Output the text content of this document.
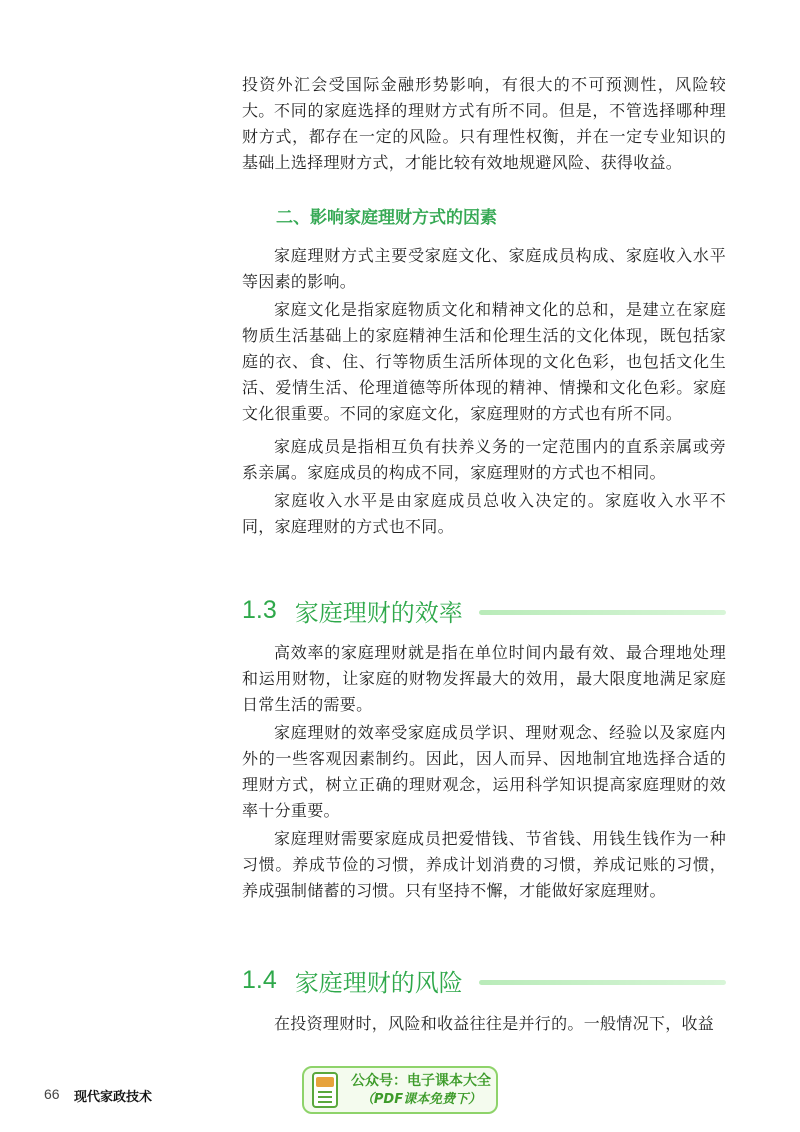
投资外汇会受国际金融形势影响，有很大的不可预测性，风险较大。 不同的家庭选择的理财方式有所不同。但是，不管选择哪种理财方式，都存在一定的风险。只有理性权衡，并在一定专业知识的基础上选择理财方式，才能比较有效地规避风险、获得收益。

二、影响家庭理财方式的因素

家庭理财方式主要受家庭文化、家庭成员构成、家庭收入水平等因素的影响。

家庭文化是指家庭物质文化和精神文化的总和，是建立在家庭物质生活基础上的家庭精神生活和伦理生活的文化体现，既包括家庭的衣、食、住、行等物质生活所体现的文化色彩，也包括文化生活、爱情生活、伦理道德等所体现的精神、情操和文化色彩。家庭文化很重要。不同的家庭文化，家庭理财的方式也有所不同。

家庭成员是指相互负有扶养义务的一定范围内的直系亲属或旁系亲属。家庭成员的构成不同，家庭理财的方式也不相同。

家庭收入水平是由家庭成员总收入决定的。家庭收入水平不同，家庭理财的方式也不同。

1.3 家庭理财的效率

高效率的家庭理财就是指在单位时间内最有效、最合理地处理和运用财物，让家庭的财物发挥最大的效用，最大限度地满足家庭日常生活的需要。

家庭理财的效率受家庭成员学识、理财观念、经验以及家庭内外的一些客观因素制约。因此，因人而异、因地制宜地选择合适的理财方式，树立正确的理财观念，运用科学知识提高家庭理财的效率十分重要。

家庭理财需要家庭成员把爱惜钱、节省钱、用钱生钱作为一种习惯。养成节俭的习惯，养成计划消费的习惯，养成记账的习惯，养成强制储蓄的习惯。只有坚持不懈，才能做好家庭理财。

1.4 家庭理财的风险

在投资理财时，风险和收益往往是并行的。一般情况下，收益

66 现代家政技术
公众号：电子课本大全
（PDF课本免费下）
